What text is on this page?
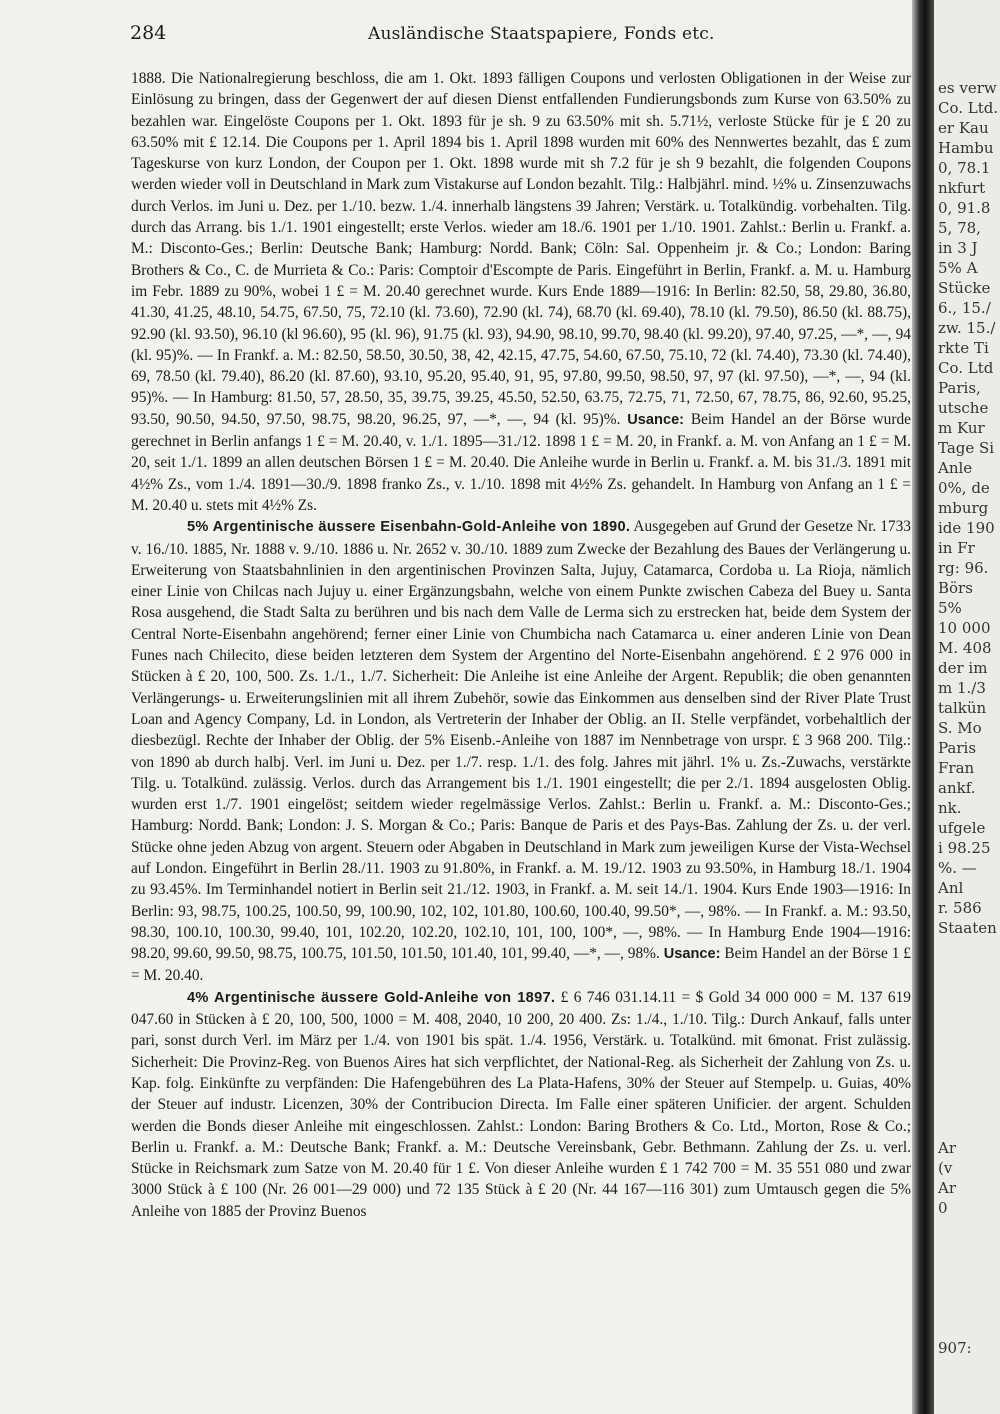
284	Ausländische Staatspapiere, Fonds etc.

1888. Die Nationalregierung beschloss, die am 1. Okt. 1893 fälligen Coupons und verlosten Obligationen in der Weise zur Einlösung zu bringen, dass der Gegenwert der auf diesen Dienst entfallenden Fundierungsbonds zum Kurse von 63.50% zu bezahlen war. Eingelöste Coupons per 1. Okt. 1893 für je sh. 9 zu 63.50% mit sh. 5.71½, verloste Stücke für je £ 20 zu 63.50% mit £ 12.14. Die Coupons per 1. April 1894 bis 1. April 1898 wurden mit 60% des Nennwertes bezahlt, das £ zum Tageskurse von kurz London, der Coupon per 1. Okt. 1898 wurde mit sh 7.2 für je sh 9 bezahlt, die folgenden Coupons werden wieder voll in Deutschland in Mark zum Vistakurse auf London bezahlt. Tilg.: Halbjährl. mind. ½% u. Zinsenzuwachs durch Verlos. im Juni u. Dez. per 1./10. bezw. 1./4. innerhalb längstens 39 Jahren; Verstärk. u. Totalkündig. vorbehalten. Tilg. durch das Arrang. bis 1./1. 1901 eingestellt; erste Verlos. wieder am 18./6. 1901 per 1./10. 1901. Zahlst.: Berlin u. Frankf. a. M.: Disconto-Ges.; Berlin: Deutsche Bank; Hamburg: Nordd. Bank; Cöln: Sal. Oppenheim jr. & Co.; London: Baring Brothers & Co., C. de Murrieta & Co.: Paris: Comptoir d'Escompte de Paris. Eingeführt in Berlin, Frankf. a. M. u. Hamburg im Febr. 1889 zu 90%, wobei 1 £ = M. 20.40 gerechnet wurde. Kurs Ende 1889—1916: In Berlin: 82.50, 58, 29.80, 36.80, 41.30, 41.25, 48.10, 54.75, 67.50, 75, 72.10 (kl. 73.60), 72.90 (kl. 74), 68.70 (kl. 69.40), 78.10 (kl. 79.50), 86.50 (kl. 88.75), 92.90 (kl. 93.50), 96.10 (kl 96.60), 95 (kl. 96), 91.75 (kl. 93), 94.90, 98.10, 99.70, 98.40 (kl. 99.20), 97.40, 97.25, —*, —, 94 (kl. 95)%. — In Frankf. a. M.: 82.50, 58.50, 30.50, 38, 42, 42.15, 47.75, 54.60, 67.50, 75.10, 72 (kl. 74.40), 73.30 (kl. 74.40), 69, 78.50 (kl. 79.40), 86.20 (kl. 87.60), 93.10, 95.20, 95.40, 91, 95, 97.80, 99.50, 98.50, 97, 97 (kl. 97.50), —*, —, 94 (kl. 95)%. — In Hamburg: 81.50, 57, 28.50, 35, 39.75, 39.25, 45.50, 52.50, 63.75, 72.75, 71, 72.50, 67, 78.75, 86, 92.60, 95.25, 93.50, 90.50, 94.50, 97.50, 98.75, 98.20, 96.25, 97, —*, —, 94 (kl. 95)%. Usance: Beim Handel an der Börse wurde gerechnet in Berlin anfangs 1 £ = M. 20.40, v. 1./1. 1895—31./12. 1898 1 £ = M. 20, in Frankf. a. M. von Anfang an 1 £ = M. 20, seit 1./1. 1899 an allen deutschen Börsen 1 £ = M. 20.40. Die Anleihe wurde in Berlin u. Frankf. a. M. bis 31./3. 1891 mit 4½% Zs., vom 1./4. 1891—30./9. 1898 franko Zs., v. 1./10. 1898 mit 4½% Zs. gehandelt. In Hamburg von Anfang an 1 £ = M. 20.40 u. stets mit 4½% Zs.

5% Argentinische äussere Eisenbahn-Gold-Anleihe von 1890. Ausgegeben auf Grund der Gesetze Nr. 1733 v. 16./10. 1885, Nr. 1888 v. 9./10. 1886 u. Nr. 2652 v. 30./10. 1889 zum Zwecke der Bezahlung des Baues der Verlängerung u. Erweiterung von Staatsbahnlinien in den argentinischen Provinzen Salta, Jujuy, Catamarca, Cordoba u. La Rioja, nämlich einer Linie von Chilcas nach Jujuy u. einer Ergänzungsbahn, welche von einem Punkte zwischen Cabeza del Buey u. Santa Rosa ausgehend, die Stadt Salta zu berühren und bis nach dem Valle de Lerma sich zu erstrecken hat, beide dem System der Central Norte-Eisenbahn angehörend; ferner einer Linie von Chumbicha nach Catamarca u. einer anderen Linie von Dean Funes nach Chilecito, diese beiden letzteren dem System der Argentino del Norte-Eisenbahn angehörend. £ 2 976 000 in Stücken à £ 20, 100, 500. Zs. 1./1., 1./7. Sicherheit: Die Anleihe ist eine Anleihe der Argent. Republik; die oben genannten Verlängerungs- u. Erweiterungslinien mit all ihrem Zubehör, sowie das Einkommen aus denselben sind der River Plate Trust Loan and Agency Company, Ld. in London, als Vertreterin der Inhaber der Oblig. an II. Stelle verpfändet, vorbehaltlich der diesbezügl. Rechte der Inhaber der Oblig. der 5% Eisenb.-Anleihe von 1887 im Nennbetrage von urspr. £ 3 968 200. Tilg.: von 1890 ab durch halbj. Verl. im Juni u. Dez. per 1./7. resp. 1./1. des folg. Jahres mit jährl. 1% u. Zs.-Zuwachs, verstärkte Tilg. u. Totalkünd. zulässig. Verlos. durch das Arrangement bis 1./1. 1901 eingestellt; die per 2./1. 1894 ausgelosten Oblig. wurden erst 1./7. 1901 eingelöst; seitdem wieder regelmässige Verlos. Zahlst.: Berlin u. Frankf. a. M.: Disconto-Ges.; Hamburg: Nordd. Bank; London: J. S. Morgan & Co.; Paris: Banque de Paris et des Pays-Bas. Zahlung der Zs. u. der verl. Stücke ohne jeden Abzug von argent. Steuern oder Abgaben in Deutschland in Mark zum jeweiligen Kurse der Vista-Wechsel auf London. Eingeführt in Berlin 28./11. 1903 zu 91.80%, in Frankf. a. M. 19./12. 1903 zu 93.50%, in Hamburg 18./1. 1904 zu 93.45%. Im Terminhandel notiert in Berlin seit 21./12. 1903, in Frankf. a. M. seit 14./1. 1904. Kurs Ende 1903—1916: In Berlin: 93, 98.75, 100.25, 100.50, 99, 100.90, 102, 102, 101.80, 100.60, 100.40, 99.50*, —, 98%. — In Frankf. a. M.: 93.50, 98.30, 100.10, 100.30, 99.40, 101, 102.20, 102.20, 102.10, 101, 100, 100*, —, 98%. — In Hamburg Ende 1904—1916: 98.20, 99.60, 99.50, 98.75, 100.75, 101.50, 101.50, 101.40, 101, 99.40, —*, —, 98%. Usance: Beim Handel an der Börse 1 £ = M. 20.40.

4% Argentinische äussere Gold-Anleihe von 1897. £ 6 746 031.14.11 = $ Gold 34 000 000 = M. 137 619 047.60 in Stücken à £ 20, 100, 500, 1000 = M. 408, 2040, 10 200, 20 400. Zs: 1./4., 1./10. Tilg.: Durch Ankauf, falls unter pari, sonst durch Verl. im März per 1./4. von 1901 bis spät. 1./4. 1956, Verstärk. u. Totalkünd. mit 6monat. Frist zulässig. Sicherheit: Die Provinz-Reg. von Buenos Aires hat sich verpflichtet, der National-Reg. als Sicherheit der Zahlung von Zs. u. Kap. folg. Einkünfte zu verpfänden: Die Hafengebühren des La Plata-Hafens, 30% der Steuer auf Stempelp. u. Guias, 40% der Steuer auf industr. Licenzen, 30% der Contribucion Directa. Im Falle einer späteren Unificier. der argent. Schulden werden die Bonds dieser Anleihe mit eingeschlossen. Zahlst.: London: Baring Brothers & Co. Ltd., Morton, Rose & Co.; Berlin u. Frankf. a. M.: Deutsche Bank; Frankf. a. M.: Deutsche Vereinsbank, Gebr. Bethmann. Zahlung der Zs. u. verl. Stücke in Reichsmark zum Satze von M. 20.40 für 1 £. Von dieser Anleihe wurden £ 1 742 700 = M. 35 551 080 und zwar 3000 Stück à £ 100 (Nr. 26 001—29 000) und 72 135 Stück à £ 20 (Nr. 44 167—116 301) zum Umtausch gegen die 5% Anleihe von 1885 der Provinz Buenos

es verw
Co. Ltd.
er Kau
Hambu
0, 78.1
nkfurt
0, 91.8
5, 78,
in 3 J
5% A
Stücke
6., 15./
zw. 15./
rkte Ti
Co. Ltd
Paris,
utsche
m Kur
Tage Si
Anle
0%, de
mburg
ide 190
in Fr
rg: 96.
Börs
5%
10 000
M. 408
der im
m 1./3
talkün
S. Mo
Paris
Fran
ankf.
nk.
ufgele
i 98.25
%. —
Anl
r. 586
Staaten

Ar
(v
Ar
0

907:
